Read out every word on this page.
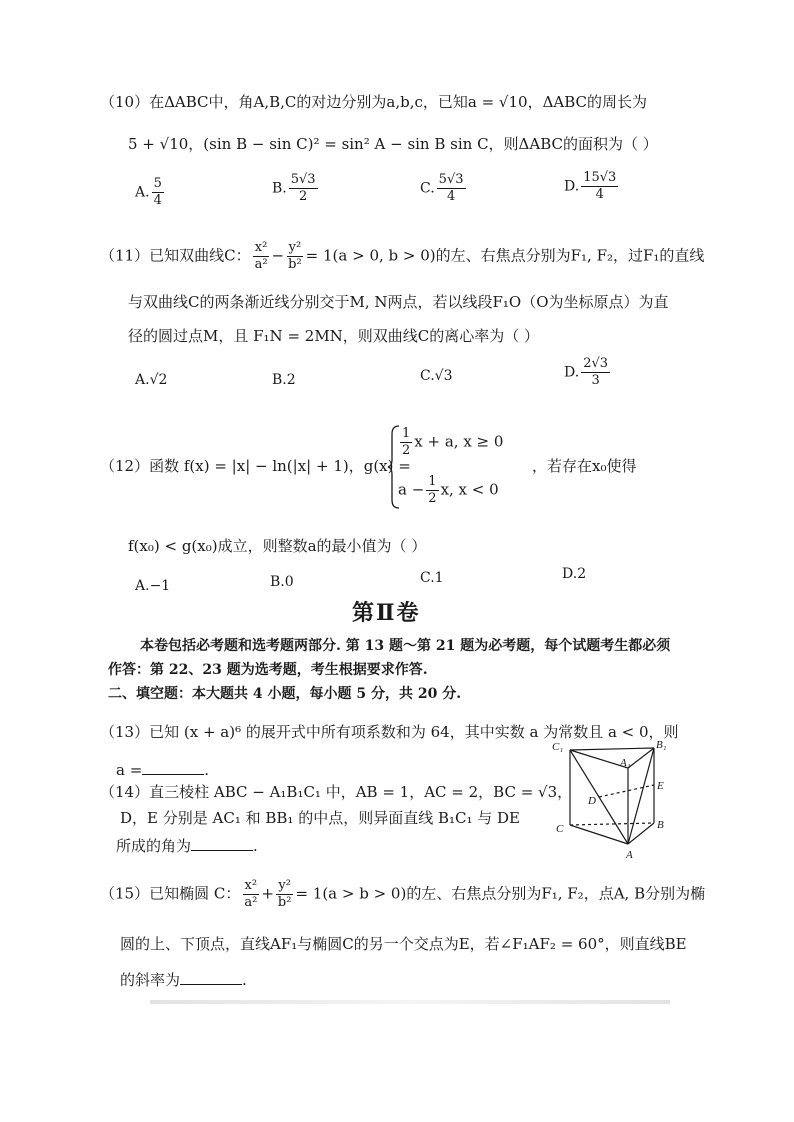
（10）在ΔABC中，角A,B,C的对边分别为a,b,c，已知a = √10，ΔABC的周长为
5 + √10，(sin B − sin C)² = sin² A − sin B sin C，则ΔABC的面积为（ ）
A. $\frac{5}{4}$	B. $\frac{5√3}{2}$	C. $\frac{5√3}{4}$	D. $\frac{15√3}{4}$
（11）已知双曲线C： $\frac{\text{x²}}{\text{a²}} - \frac{\text{y²}}{\text{b²}} = 1(a > 0$, b > 0)的左、右焦点分别为F₁, F₂，过F₁的直线
与双曲线C的两条渐近线分别交于M, N两点，若以线段F₁O（O为坐标原点）为直
径的圆过点M，且 F₁N = 2MN，则双曲线C的离心率为（ ）
A.√2	B.2	C.√3	D. $\frac{2√3}{3}$
（12）函数 f(x) = |x| − ln(|x| + 1)，g(x) =
$\frac{1}{2}$ x + a, x ≥ 0
$a - \frac{1}{2} x$, x < 0
，若存在x₀使得
f(x₀) < g(x₀)成立，则整数a的最小值为（ ）
A.−1	B.0	C.1	D.2
第Ⅱ卷
本卷包括必考题和选考题两部分. 第 13 题～第 21 题为必考题，每个试题考生都必须
作答：第 22、23 题为选考题，考生根据要求作答.
二、填空题：本大题共 4 小题，每小题 5 分，共 20 分.
（13）已知 (x + a)⁶ 的展开式中所有项系数和为 64，其中实数 a 为常数且 a < 0，则
a =	.
（14）直三棱柱 ABC − A₁B₁C₁ 中，AB = 1，AC = 2，BC = √3，
D，E 分别是 AC₁ 和 BB₁ 的中点，则异面直线 B₁C₁ 与 DE
所成的角为	.
C₁	B₁
A₁
D
E
C	B
A
（15）已知椭圆 C： $\frac{\text{x²}}{\text{a²}} + \frac{\text{y²}}{\text{b²}} = 1(a > b > 0)$的左、右焦点分别为F₁, F₂，点A, B分别为椭
圆的上、下顶点，直线AF₁与椭圆C的另一个交点为E，若∠F₁AF₂ = 60°，则直线BE
的斜率为	.
